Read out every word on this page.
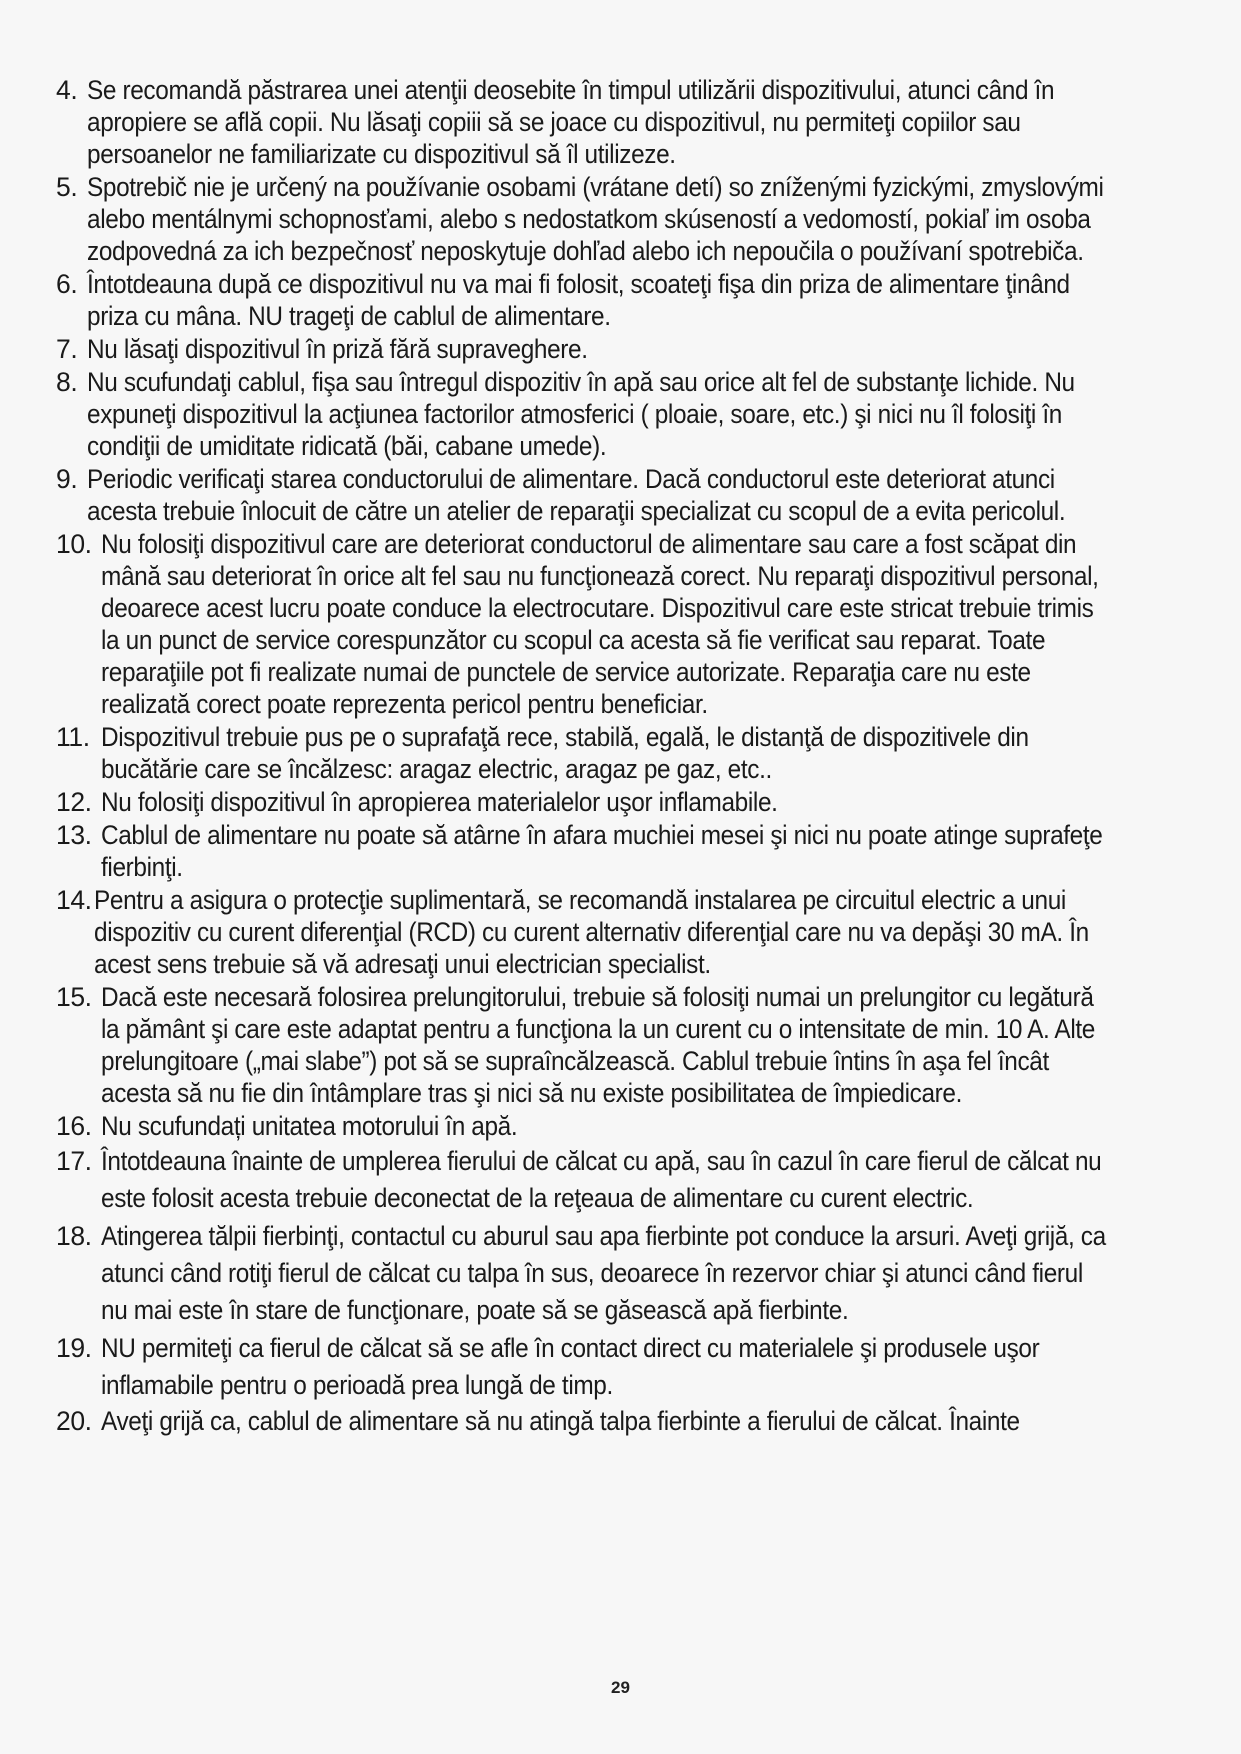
4. Se recomandă păstrarea unei atenţii deosebite în timpul utilizării dispozitivului, atunci când în apropiere se află copii. Nu lăsaţi copiii să se joace cu dispozitivul, nu permiteţi copiilor sau persoanelor ne familiarizate cu dispozitivul să îl utilizeze.
5. Spotrebič nie je určený na používanie osobami (vrátane detí) so zníženými fyzickými, zmyslovými alebo mentálnymi schopnosťami, alebo s nedostatkom skúseností a vedomostí, pokiaľ im osoba zodpovedná za ich bezpečnosť neposkytuje dohľad alebo ich nepoučila o používaní spotrebiča.
6. Întotdeauna după ce dispozitivul nu va mai fi folosit, scoateţi fişa din priza de alimentare ţinând priza cu mâna. NU trageţi de cablul de alimentare.
7. Nu lăsaţi dispozitivul în priză fără supraveghere.
8. Nu scufundaţi cablul, fişa sau întregul dispozitiv în apă sau orice alt fel de substanţe lichide. Nu expuneţi dispozitivul la acţiunea factorilor atmosferici ( ploaie, soare, etc.) şi nici nu îl folosiţi în condiţii de umiditate ridicată (băi, cabane umede).
9. Periodic verificaţi starea conductorului de alimentare. Dacă conductorul este deteriorat atunci acesta trebuie înlocuit de către un atelier de reparaţii specializat cu scopul de a evita pericolul.
10. Nu folosiţi dispozitivul care are deteriorat conductorul de alimentare sau care a fost scăpat din mână sau deteriorat în orice alt fel sau nu funcţionează corect. Nu reparaţi dispozitivul personal, deoarece acest lucru poate conduce la electrocutare. Dispozitivul care este stricat trebuie trimis la un punct de service corespunzător cu scopul ca acesta să fie verificat sau reparat. Toate reparaţiile pot fi realizate numai de punctele de service autorizate. Reparaţia care nu este realizată corect poate reprezenta pericol pentru beneficiar.
11. Dispozitivul trebuie pus pe o suprafaţă rece, stabilă, egală, le distanţă de dispozitivele din bucătărie care se încălzesc: aragaz electric, aragaz pe gaz, etc..
12. Nu folosiţi dispozitivul în apropierea materialelor uşor inflamabile.
13. Cablul de alimentare nu poate să atârne în afara muchiei mesei şi nici nu poate atinge suprafeţe fierbinţi.
14. Pentru a asigura o protecţie suplimentară, se recomandă instalarea pe circuitul electric a unui dispozitiv cu curent diferenţial (RCD) cu curent alternativ diferenţial care nu va depăşi 30 mA. În acest sens trebuie să vă adresaţi unui electrician specialist.
15. Dacă este necesară folosirea prelungitorului, trebuie să folosiţi numai un prelungitor cu legătură la pământ şi care este adaptat pentru a funcţiona la un curent cu o intensitate de min. 10 A. Alte prelungitoare („mai slabe”) pot să se supraîncălzească. Cablul trebuie întins în aşa fel încât acesta să nu fie din întâmplare tras şi nici să nu existe posibilitatea de împiedicare.
16. Nu scufundați unitatea motorului în apă.
17. Întotdeauna înainte de umplerea fierului de călcat cu apă, sau în cazul în care fierul de călcat nu este folosit acesta trebuie deconectat de la reţeaua de alimentare cu curent electric.
18. Atingerea tălpii fierbinţi, contactul cu aburul sau apa fierbinte pot conduce la arsuri. Aveţi grijă, ca atunci când rotiţi fierul de călcat cu talpa în sus, deoarece în rezervor chiar şi atunci când fierul nu mai este în stare de funcţionare, poate să se găsească apă fierbinte.
19. NU permiteţi ca fierul de călcat să se afle în contact direct cu materialele şi produsele uşor inflamabile pentru o perioadă prea lungă de timp.
20. Aveţi grijă ca, cablul de alimentare să nu atingă talpa fierbinte a fierului de călcat. Înainte
29
